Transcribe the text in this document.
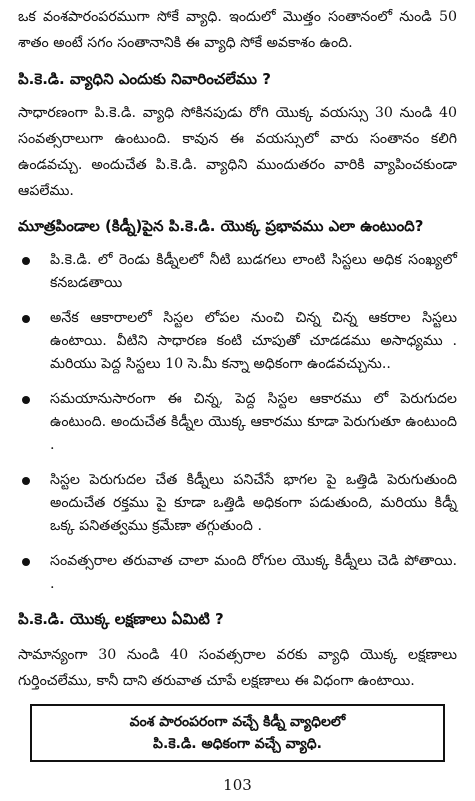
ఒక వంశపారంపరముగా సోకే వ్యాధి. ఇందులో మొత్తం సంతానంలో నుండి 50 శాతం అంటే సగం సంతానానికి ఈ వ్యాధి సోకే అవకాశం ఉంది.

పి.కె.డి. వ్యాధిని ఎందుకు నివారించలేము ?

సాధారణంగా పి.కె.డి. వ్యాధి సోకినపుడు రోగి యొక్క వయస్సు 30 నుండి 40 సంవత్సరాలుగా ఉంటుంది. కావున ఈ వయస్సులో వారు సంతానం కలిగి ఉండవచ్చు. అందుచేత పి.కె.డి. వ్యాధిని ముందుతరం వారికి వ్యాపించకుండా ఆపలేము.

మూత్రపిండాల (కిడ్నీ)పైన పి.కె.డి. యొక్క ప్రభావము ఎలా ఉంటుంది?

పి.కె.డి. లో రెండు కిడ్నీలలో నీటి బుడగలు లాంటి సిస్టలు అధిక సంఖ్యలో కనబడతాయి
అనేక ఆకారాలలో సిస్టల లోపల నుంచి చిన్న చిన్న ఆకరాల సిస్టలు ఉంటాయి. వీటిని సాధారణ కంటి చూపుతో చూడడము అసాధ్యము . మరియు పెద్ద సిస్టలు 10 సె.మీ కన్నా అధికంగా ఉండవచ్చును..
సమయానుసారంగా ఈ చిన్న, పెద్ద సిస్టల ఆకారము లో పెరుగుదల ఉంటుంది. అందుచేత కిడ్నీల యొక్క ఆకారము కూడా పెరుగుతూ ఉంటుంది .
సిస్టల పెరుగుదల చేత కిడ్నీలు పనిచేసే భాగల పై ఒత్తిడి పెరుగుతుంది అందుచేత రక్తము పై కూడా ఒత్తిడి అధికంగా పడుతుంది, మరియు కిడ్నీ ఒక్క పనితత్వము క్రమేణా తగ్గుతుంది .
సంవత్సరాల తరువాత చాలా మంది రోగుల యొక్క కిడ్నీలు చెడి పోతాయి. .

పి.కె.డి. యొక్క లక్షణాలు ఏమిటి ?

సామాన్యంగా 30 నుండి 40 సంవత్సరాల వరకు వ్యాధి యొక్క లక్షణాలు గుర్తించలేము, కానీ దాని తరువాత చూపే లక్షణాలు ఈ విధంగా ఉంటాయి.

వంశ పారంపరంగా వచ్చే కిడ్నీ వ్యాధిలలో
పి.కె.డి. అధికంగా వచ్చే వ్యాధి.
103
